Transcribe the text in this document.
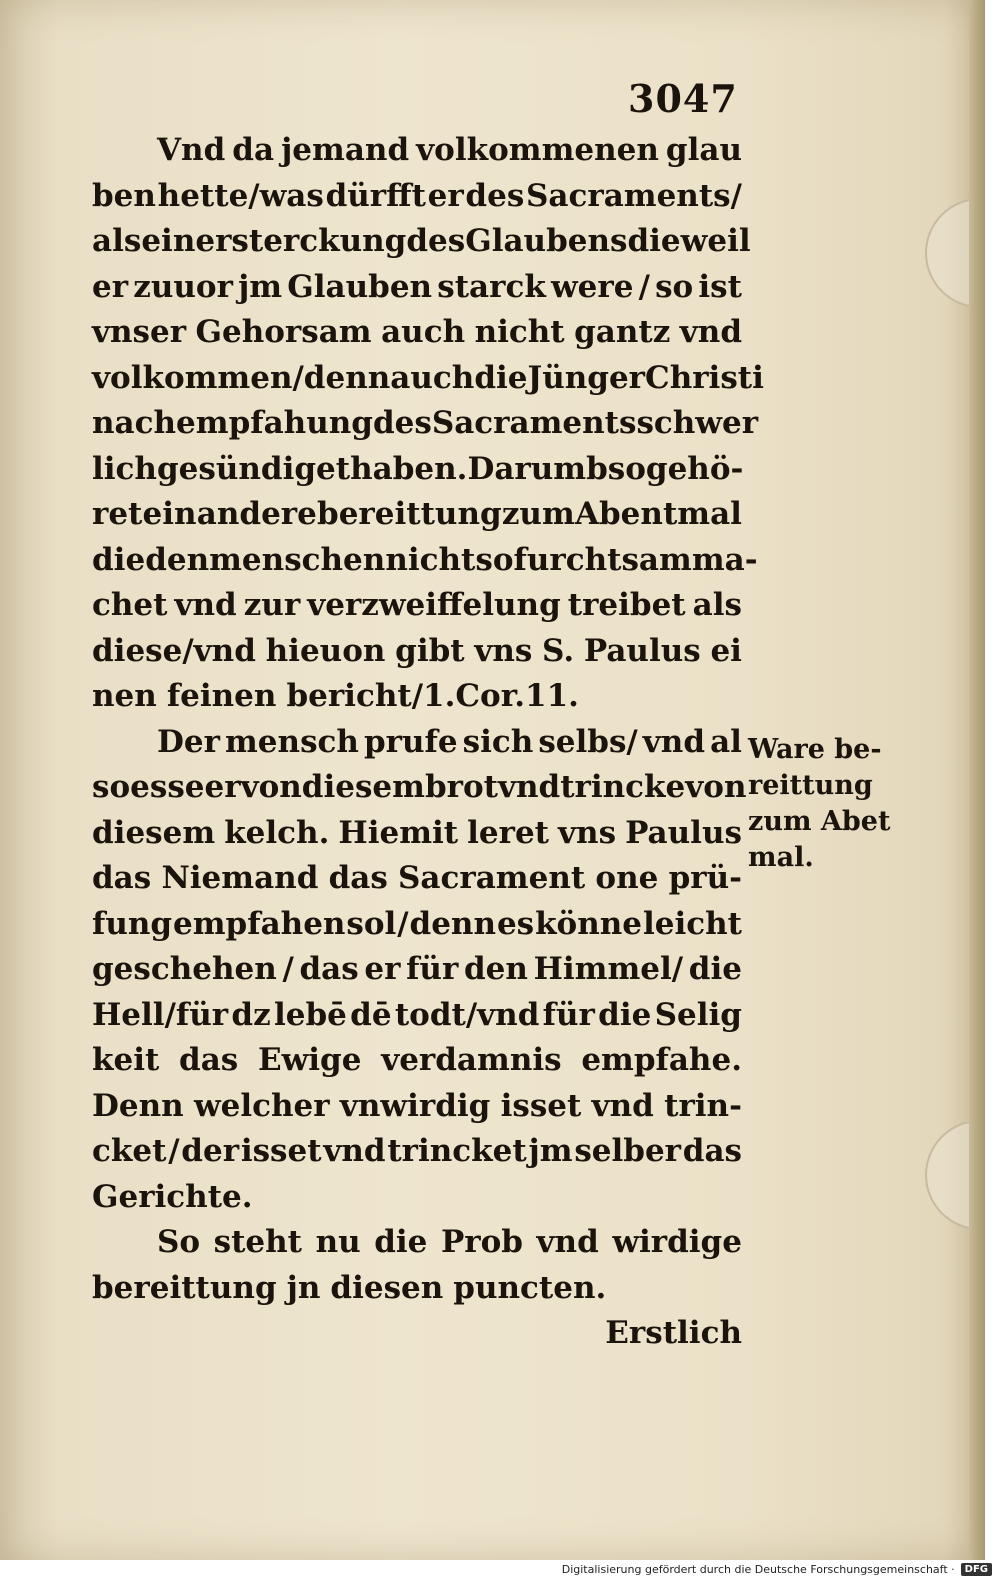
3047
Vnd da jemand volkommenen glau
ben hette/was dürfft er des Sacraments/
als einer sterckung des Glaubens dieweil
er zuuor jm Glauben starck were / so ist
vnser Gehorsam auch nicht gantz vnd
volkommen/denn auch die Jünger Christi
nach empfahung des Sacraments schwer
lich gesündiget haben. Darumb so gehö-
ret ein andere bereittung zum Abentmal
die den menschen nicht so furchtsam ma-
chet vnd zur verzweiffelung treibet als
diese/vnd hieuon gibt vns S. Paulus ei
nen feinen bericht/1.Cor.11.
Der mensch prufe sich selbs/ vnd al
so esse er von diesem brot vnd trincke von
diesem kelch. Hiemit leret vns Paulus
das Niemand das Sacrament one prü-
fung empfahen sol / denn es könne leicht
geschehen / das er für den Himmel/ die
Hell/für dz lebē dē todt/vnd für die Selig
keit das Ewige verdamnis empfahe.
Denn welcher vnwirdig isset vnd trin-
cket / der isset vnd trincket jm selber das
Gerichte.
So steht nu die Prob vnd wirdige
bereittung jn diesen puncten.
Erstlich
Ware be-
reittung
zum Abet
mal.
Digitalisierung gefördert durch die Deutsche Forschungsgemeinschaft ·	DFG
